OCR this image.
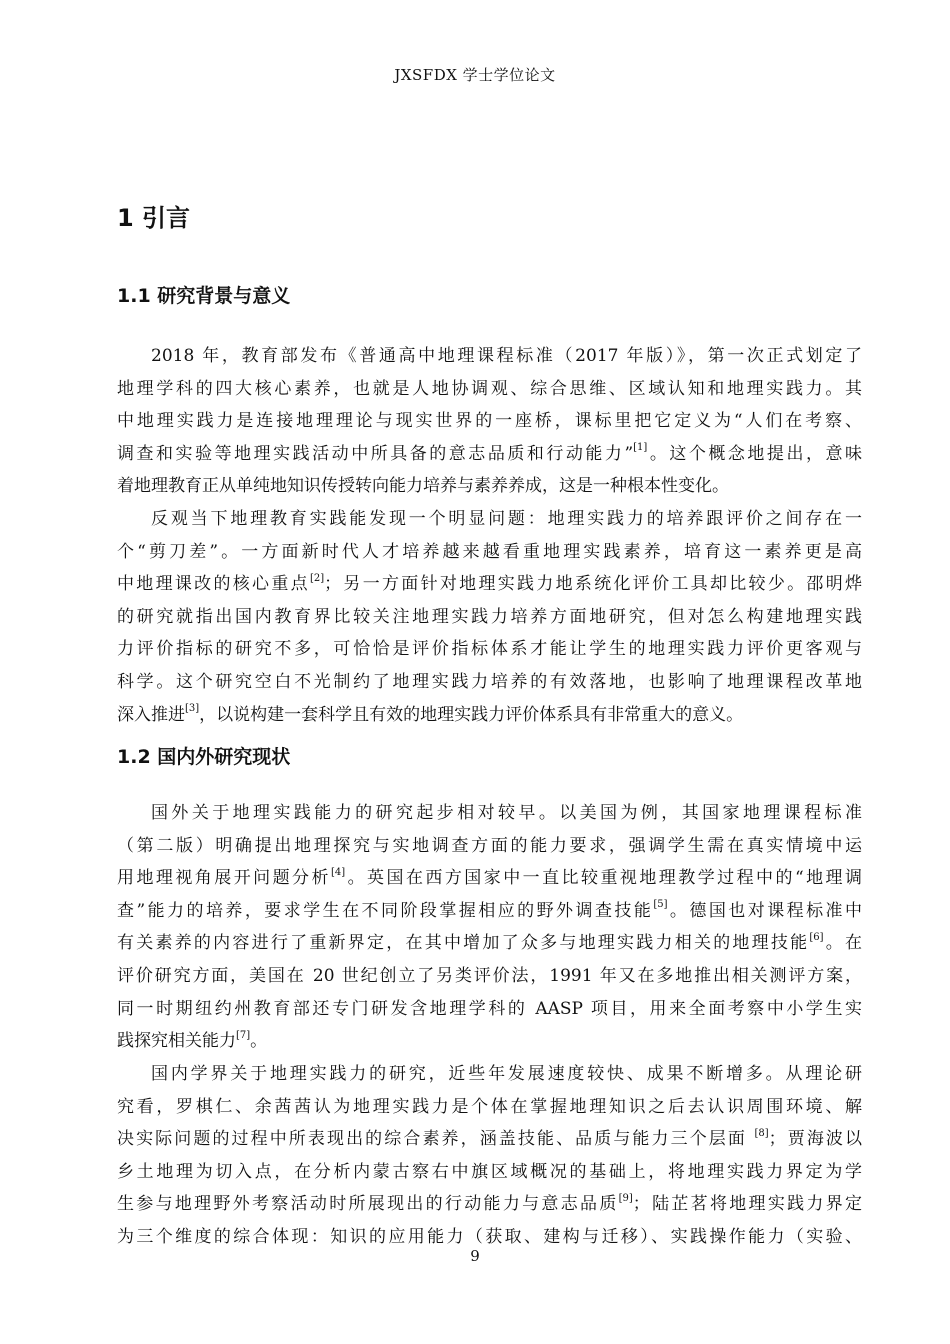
JXSFDX 学士学位论文
1 引言
1.1 研究背景与意义
2018 年，教育部发布《普通高中地理课程标准（2017 年版）》，第一次正式划定了
地理学科的四大核心素养，也就是人地协调观、综合思维、区域认知和地理实践力。其
中地理实践力是连接地理理论与现实世界的一座桥，课标里把它定义为“人们在考察、
调查和实验等地理实践活动中所具备的意志品质和行动能力”[1]。这个概念地提出，意味
着地理教育正从单纯地知识传授转向能力培养与素养养成，这是一种根本性变化。
反观当下地理教育实践能发现一个明显问题：地理实践力的培养跟评价之间存在一
个“剪刀差”。一方面新时代人才培养越来越看重地理实践素养，培育这一素养更是高
中地理课改的核心重点[2]；另一方面针对地理实践力地系统化评价工具却比较少。邵明烨
的研究就指出国内教育界比较关注地理实践力培养方面地研究，但对怎么构建地理实践
力评价指标的研究不多，可恰恰是评价指标体系才能让学生的地理实践力评价更客观与
科学。这个研究空白不光制约了地理实践力培养的有效落地，也影响了地理课程改革地
深入推进[3]，以说构建一套科学且有效的地理实践力评价体系具有非常重大的意义。
1.2 国内外研究现状
国外关于地理实践能力的研究起步相对较早。以美国为例，其国家地理课程标准
（第二版）明确提出地理探究与实地调查方面的能力要求，强调学生需在真实情境中运
用地理视角展开问题分析[4]。英国在西方国家中一直比较重视地理教学过程中的“地理调
查”能力的培养，要求学生在不同阶段掌握相应的野外调查技能[5]。德国也对课程标准中
有关素养的内容进行了重新界定，在其中增加了众多与地理实践力相关的地理技能[6]。在
评价研究方面，美国在 20 世纪创立了另类评价法，1991 年又在多地推出相关测评方案，
同一时期纽约州教育部还专门研发含地理学科的 AASP 项目，用来全面考察中小学生实
践探究相关能力[7]。
国内学界关于地理实践力的研究，近些年发展速度较快、成果不断增多。从理论研
究看，罗棋仁、余茜茜认为地理实践力是个体在掌握地理知识之后去认识周围环境、解
决实际问题的过程中所表现出的综合素养，涵盖技能、品质与能力三个层面 [8]；贾海波以
乡土地理为切入点，在分析内蒙古察右中旗区域概况的基础上，将地理实践力界定为学
生参与地理野外考察活动时所展现出的行动能力与意志品质[9]；陆芷茗将地理实践力界定
为三个维度的综合体现：知识的应用能力（获取、建构与迁移）、实践操作能力（实验、
9
